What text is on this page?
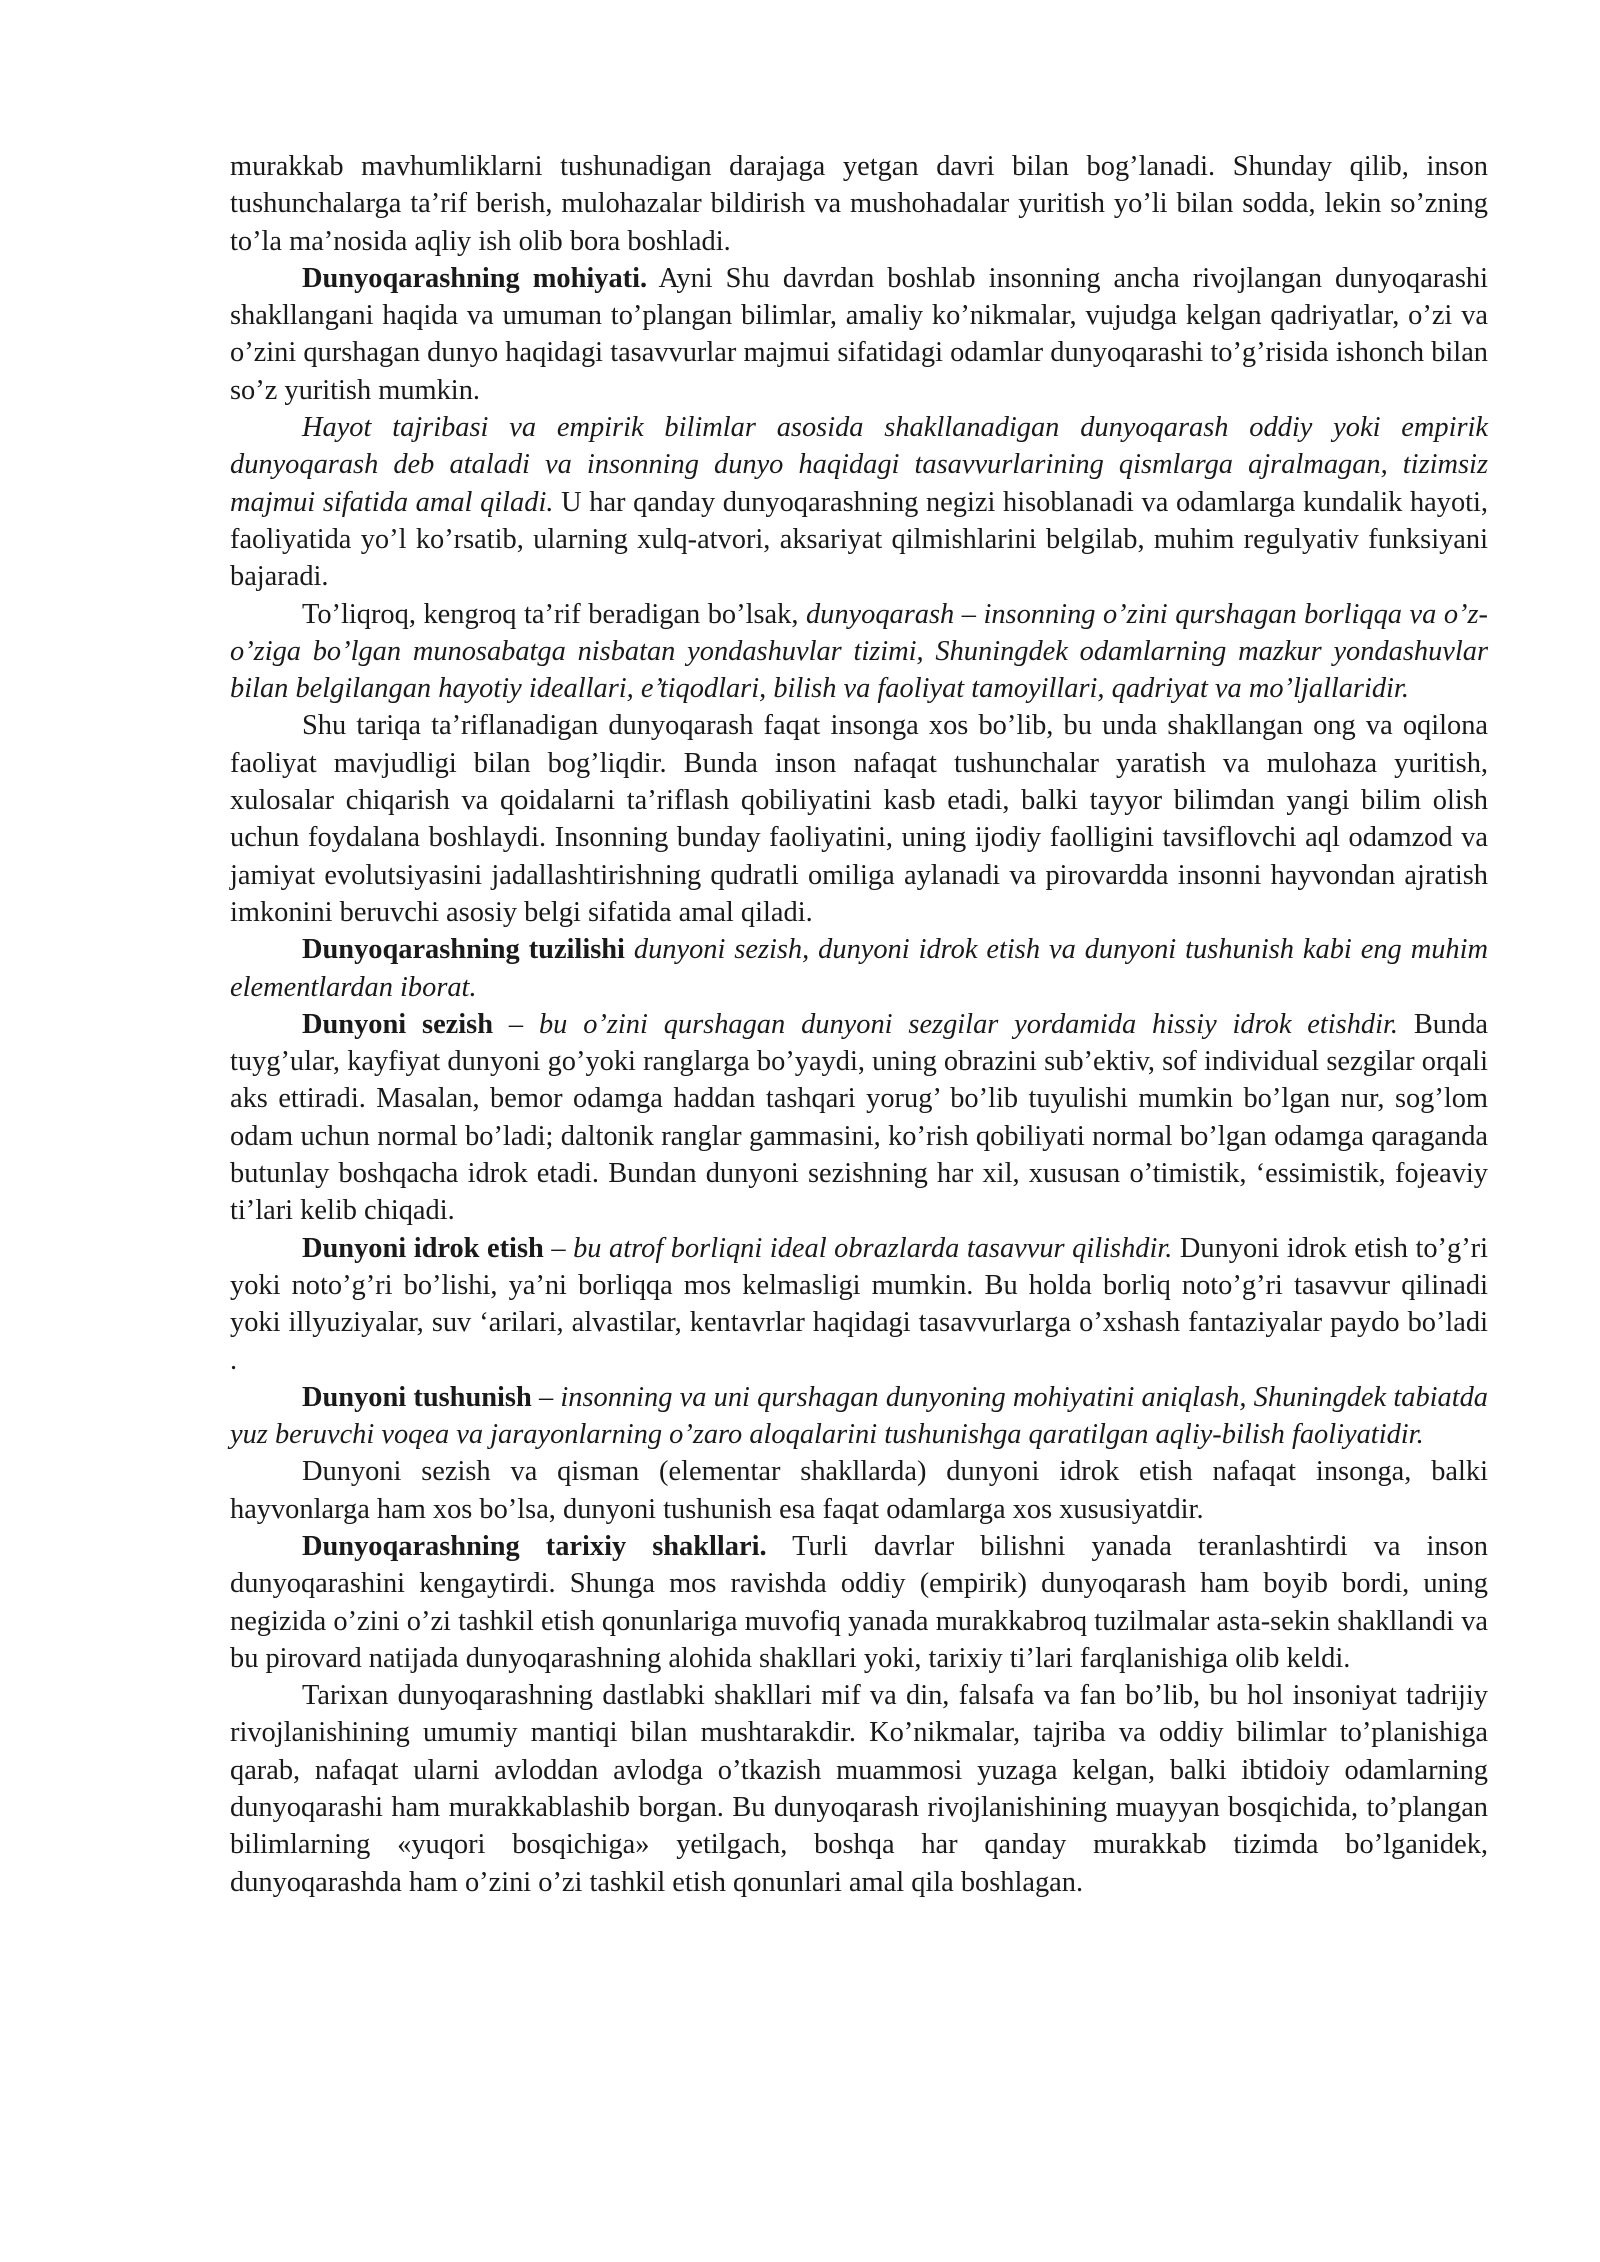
murakkab mavhumliklarni tushunadigan darajaga yetgan davri bilan bog’lanadi. Shunday qilib, inson tushunchalarga ta’rif berish, mulohazalar bildirish va mushohadalar yuritish yo’li bilan sodda, lekin so’zning to’la ma’nosida aqliy ish olib bora boshladi.

Dunyoqarashning mohiyati. Ayni Shu davrdan boshlab insonning ancha rivojlangan dunyoqarashi shakllangani haqida va umuman to’plangan bilimlar, amaliy ko’nikmalar, vujudga kelgan qadriyatlar, o’zi va o’zini qurshagan dunyo haqidagi tasavvurlar majmui sifatidagi odamlar dunyoqarashi to’g’risida ishonch bilan so’z yuritish mumkin.

Hayot tajribasi va empirik bilimlar asosida shakllanadigan dunyoqarash oddiy yoki empirik dunyoqarash deb ataladi va insonning dunyo haqidagi tasavvurlarining qismlarga ajralmagan, tizimsiz majmui sifatida amal qiladi. U har qanday dunyoqarashning negizi hisoblanadi va odamlarga kundalik hayoti, faoliyatida yo’l ko’rsatib, ularning xulq-atvori, aksariyat qilmishlarini belgilab, muhim regulyativ funksiyani bajaradi.

To’liqroq, kengroq ta’rif beradigan bo’lsak, dunyoqarash – insonning o’zini qurshagan borliqqa va o’z-o’ziga bo’lgan munosabatga nisbatan yondashuvlar tizimi, Shuningdek odamlarning mazkur yondashuvlar bilan belgilangan hayotiy ideallari, e’tiqodlari, bilish va faoliyat tamoyillari, qadriyat va mo’ljallaridir.

Shu tariqa ta’riflanadigan dunyoqarash faqat insonga xos bo’lib, bu unda shakllangan ong va oqilona faoliyat mavjudligi bilan bog’liqdir. Bunda inson nafaqat tushunchalar yaratish va mulohaza yuritish, xulosalar chiqarish va qoidalarni ta’riflash qobiliyatini kasb etadi, balki tayyor bilimdan yangi bilim olish uchun foydalana boshlaydi. Insonning bunday faoliyatini, uning ijodiy faolligini tavsiflovchi aql odamzod va jamiyat evolutsiyasini jadallashtirishning qudratli omiliga aylanadi va pirovardda insonni hayvondan ajratish imkonini beruvchi asosiy belgi sifatida amal qiladi.

Dunyoqarashning tuzilishi dunyoni sezish, dunyoni idrok etish va dunyoni tushunish kabi eng muhim elementlardan iborat.

Dunyoni sezish – bu o’zini qurshagan dunyoni sezgilar yordamida hissiy idrok etishdir. Bunda tuyg’ular, kayfiyat dunyoni go’yoki ranglarga bo’yaydi, uning obrazini sub’ektiv, sof individual sezgilar orqali aks ettiradi. Masalan, bemor odamga haddan tashqari yorug’ bo’lib tuyulishi mumkin bo’lgan nur, sog’lom odam uchun normal bo’ladi; daltonik ranglar gammasini, ko’rish qobiliyati normal bo’lgan odamga qaraganda butunlay boshqacha idrok etadi. Bundan dunyoni sezishning har xil, xususan o’timistik, ‘essimistik, fojeaviy ti’lari kelib chiqadi.

Dunyoni idrok etish – bu atrof borliqni ideal obrazlarda tasavvur qilishdir. Dunyoni idrok etish to’g’ri yoki noto’g’ri bo’lishi, ya’ni borliqqa mos kelmasligi mumkin. Bu holda borliq noto’g’ri tasavvur qilinadi yoki illyuziyalar, suv ‘arilari, alvastilar, kentavrlar haqidagi tasavvurlarga o’xshash fantaziyalar paydo bo’ladi .

Dunyoni tushunish – insonning va uni qurshagan dunyoning mohiyatini aniqlash, Shuningdek tabiatda yuz beruvchi voqea va jarayonlarning o’zaro aloqalarini tushunishga qaratilgan aqliy-bilish faoliyatidir.

Dunyoni sezish va qisman (elementar shakllarda) dunyoni idrok etish nafaqat insonga, balki hayvonlarga ham xos bo’lsa, dunyoni tushunish esa faqat odamlarga xos xususiyatdir.

Dunyoqarashning tarixiy shakllari. Turli davrlar bilishni yanada teranlashtirdi va inson dunyoqarashini kengaytirdi. Shunga mos ravishda oddiy (empirik) dunyoqarash ham boyib bordi, uning negizida o’zini o’zi tashkil etish qonunlariga muvofiq yanada murakkabroq tuzilmalar asta-sekin shakllandi va bu pirovard natijada dunyoqarashning alohida shakllari yoki, tarixiy ti’lari farqlanishiga olib keldi.

Tarixan dunyoqarashning dastlabki shakllari mif va din, falsafa va fan bo’lib, bu hol insoniyat tadrijiy rivojlanishining umumiy mantiqi bilan mushtarakdir. Ko’nikmalar, tajriba va oddiy bilimlar to’planishiga qarab, nafaqat ularni avloddan avlodga o’tkazish muammosi yuzaga kelgan, balki ibtidoiy odamlarning dunyoqarashi ham murakkablashib borgan. Bu dunyoqarash rivojlanishining muayyan bosqichida, to’plangan bilimlarning «yuqori bosqichiga» yetilgach, boshqa har qanday murakkab tizimda bo’lganidek, dunyoqarashda ham o’zini o’zi tashkil etish qonunlari amal qila boshlagan.
